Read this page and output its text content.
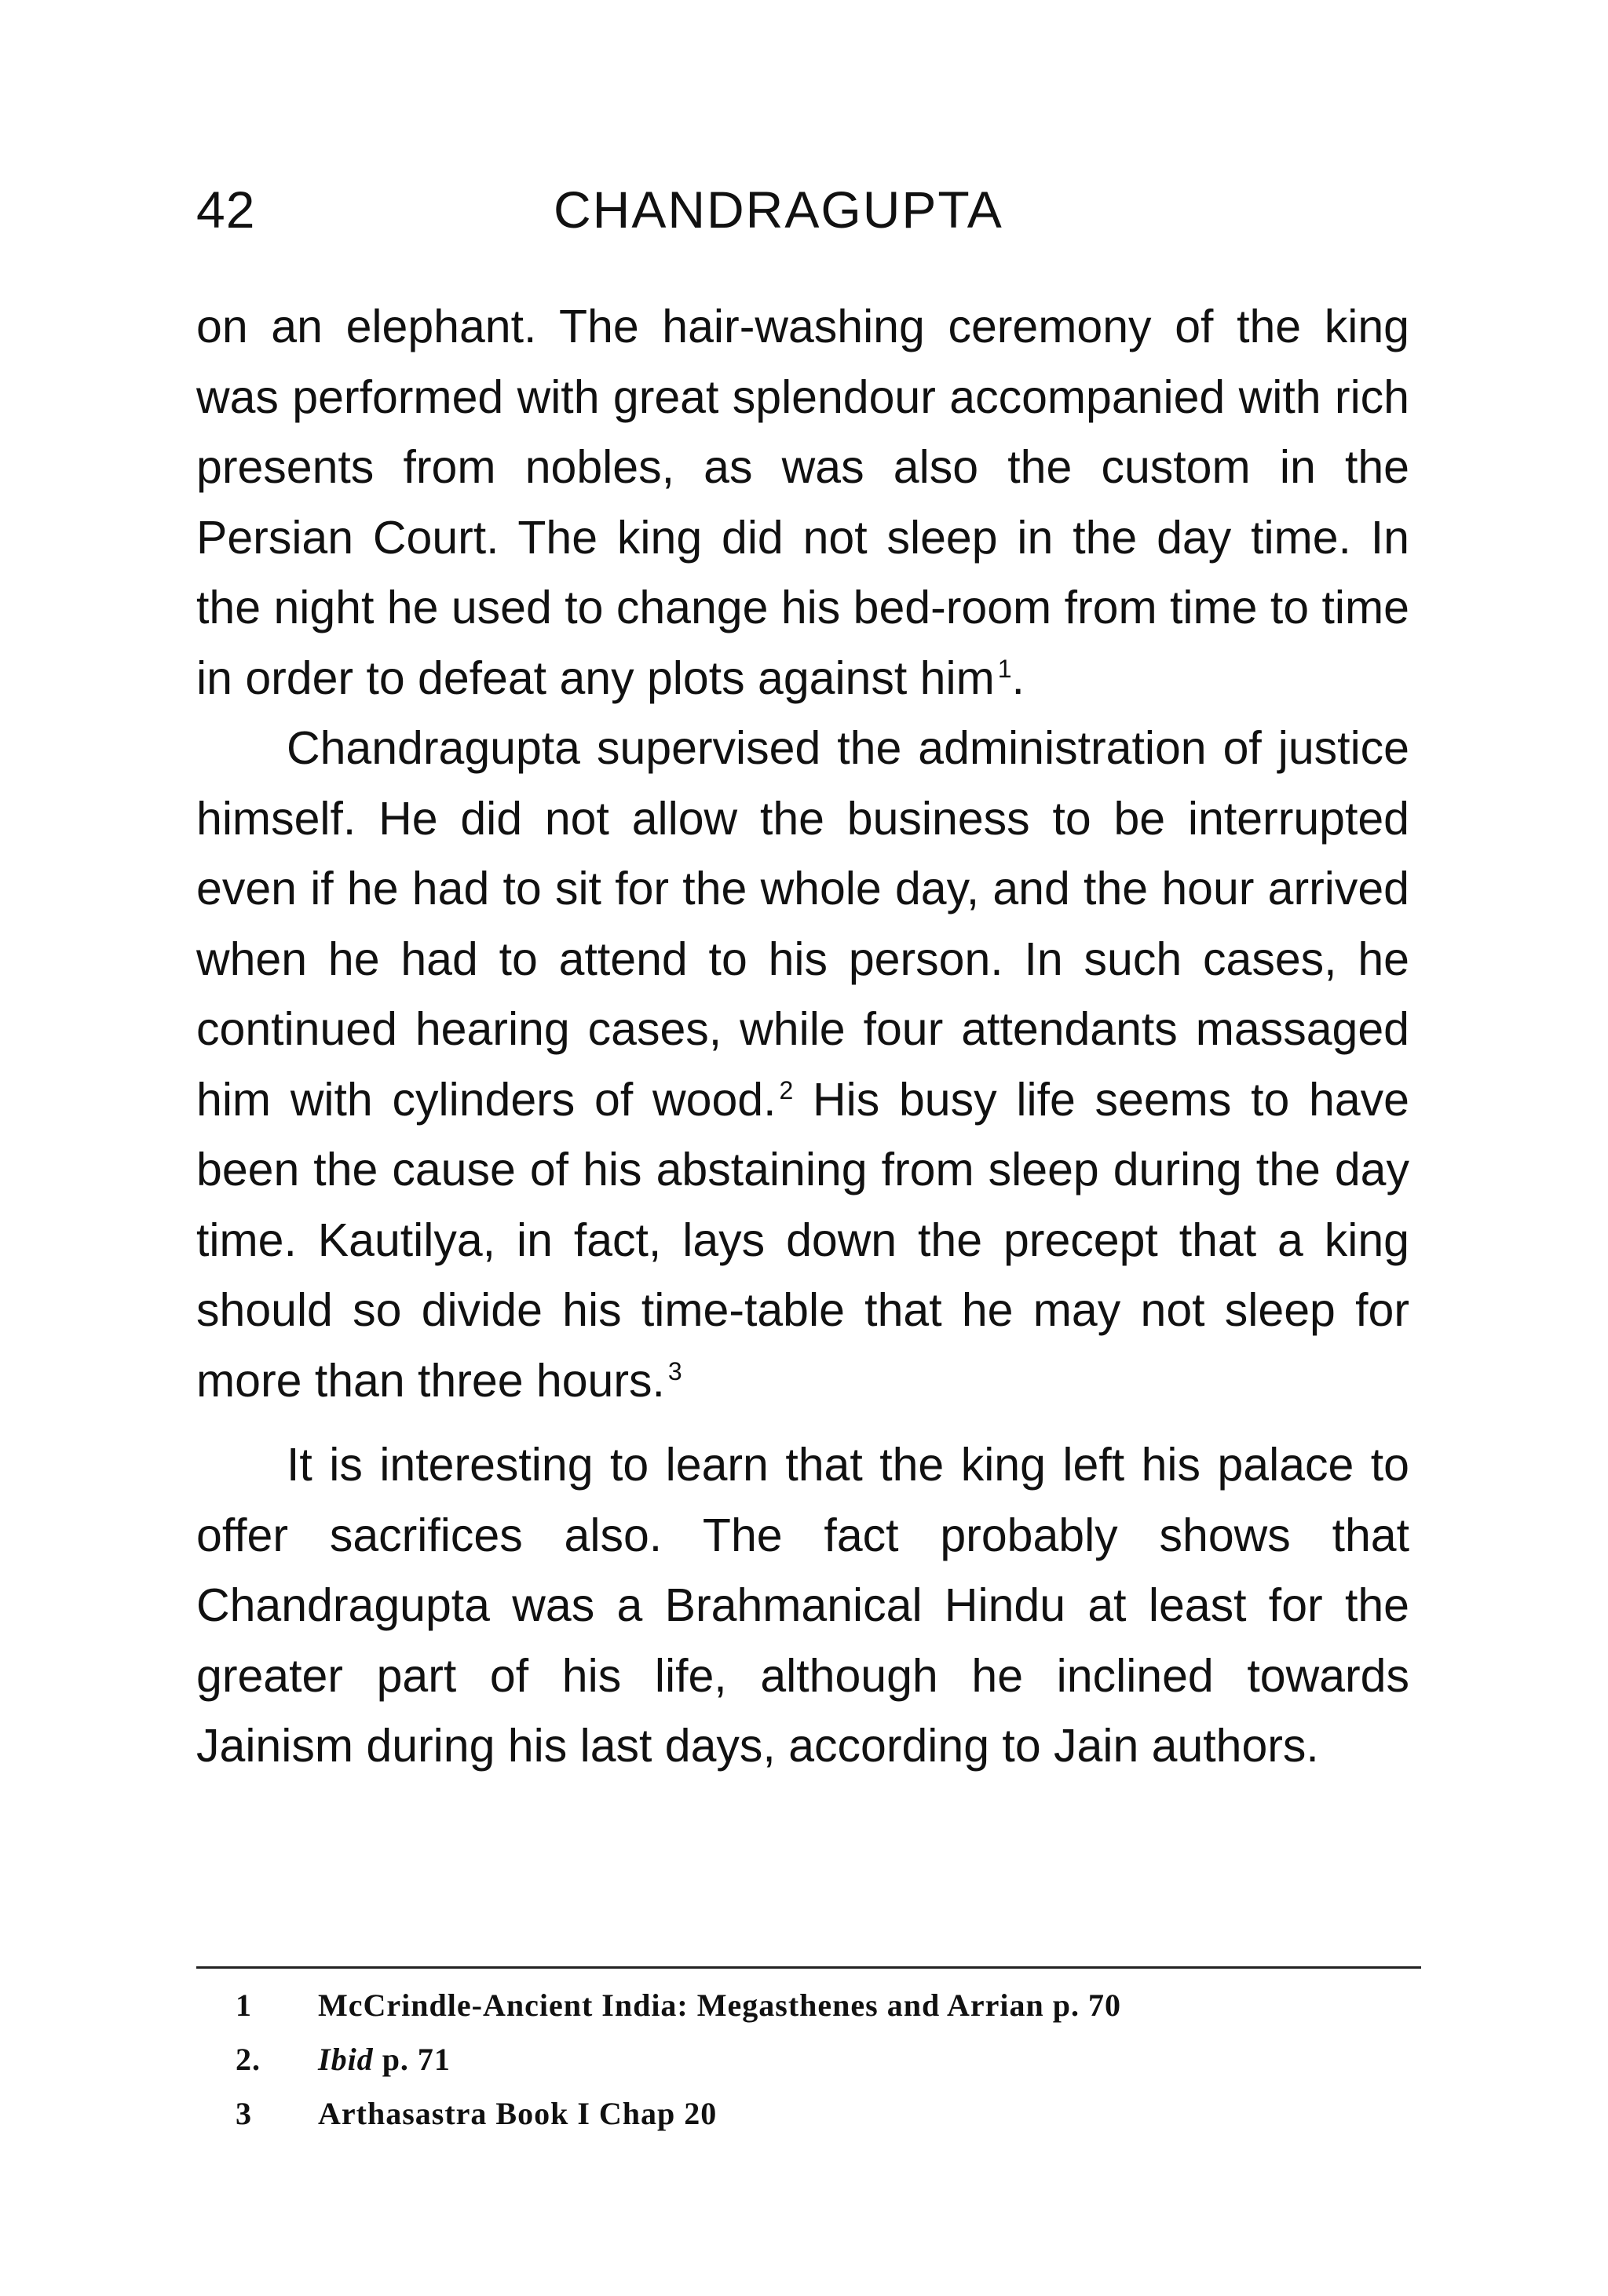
42	CHANDRAGUPTA

on an elephant. The hair-washing ceremony of the king was performed with great splendour accompanied with rich presents from nobles, as was also the custom in the Persian Court. The king did not sleep in the day time. In the night he used to change his bed-room from time to time in order to defeat any plots against him $^1$.

Chandragupta supervised the administration of justice himself. He did not allow the business to be interrupted even if he had to sit for the whole day, and the hour arrived when he had to attend to his person. In such cases, he continued hearing cases, while four attendants massaged him with cylinders of wood. $^2$ His busy life seems to have been the cause of his abstaining from sleep during the day time. Kautilya, in fact, lays down the precept that a king should so divide his time-table that he may not sleep for more than three hours. $^3$

It is interesting to learn that the king left his palace to offer sacrifices also. The fact probably shows that Chandragupta was a Brahmanical Hindu at least for the greater part of his life, although he inclined towards Jainism during his last days, according to Jain authors.

1 McCrindle-Ancient India: Megasthenes and Arrian p. 70
2. Ibid p. 71
3 Arthasastra Book I Chap 20
